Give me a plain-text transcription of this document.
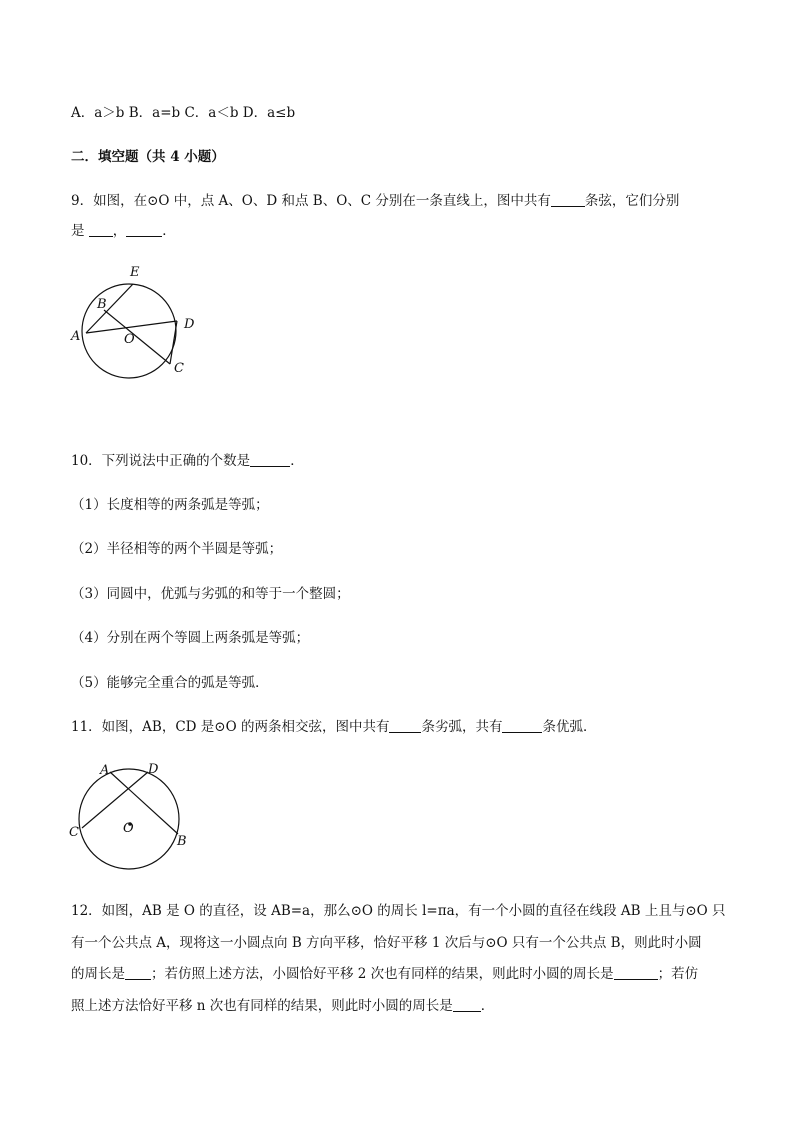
A．a＞b B．a=b C．a＜b D．a≤b
二．填空题（共 4 小题）
9．如图，在⊙O 中，点 A、O、D 和点 B、O、C 分别在一条直线上，图中共有	条弦，它们分别
是 ，	．
E
B
A	O
D
C
10．下列说法中正确的个数是	．
（1）长度相等的两条弧是等弧；
（2）半径相等的两个半圆是等弧；
（3）同圆中，优弧与劣弧的和等于一个整圆；
（4）分别在两个等圆上两条弧是等弧；
（5）能够完全重合的弧是等弧．
11．如图，AB，CD 是⊙O 的两条相交弦，图中共有 条劣弧，共有	条优弧．
A	D
C	O
B
12．如图，AB 是 O 的直径，设 AB=a，那么⊙O 的周长 l=πa，有一个小圆的直径在线段 AB 上且与⊙O 只
有一个公共点 A，现将这一小圆点向 B 方向平移，恰好平移 1 次后与⊙O 只有一个公共点 B，则此时小圆
的周长是 ；若仿照上述方法，小圆恰好平移 2 次也有同样的结果，则此时小圆的周长是	；若仿
照上述方法恰好平移 n 次也有同样的结果，则此时小圆的周长是 ．
